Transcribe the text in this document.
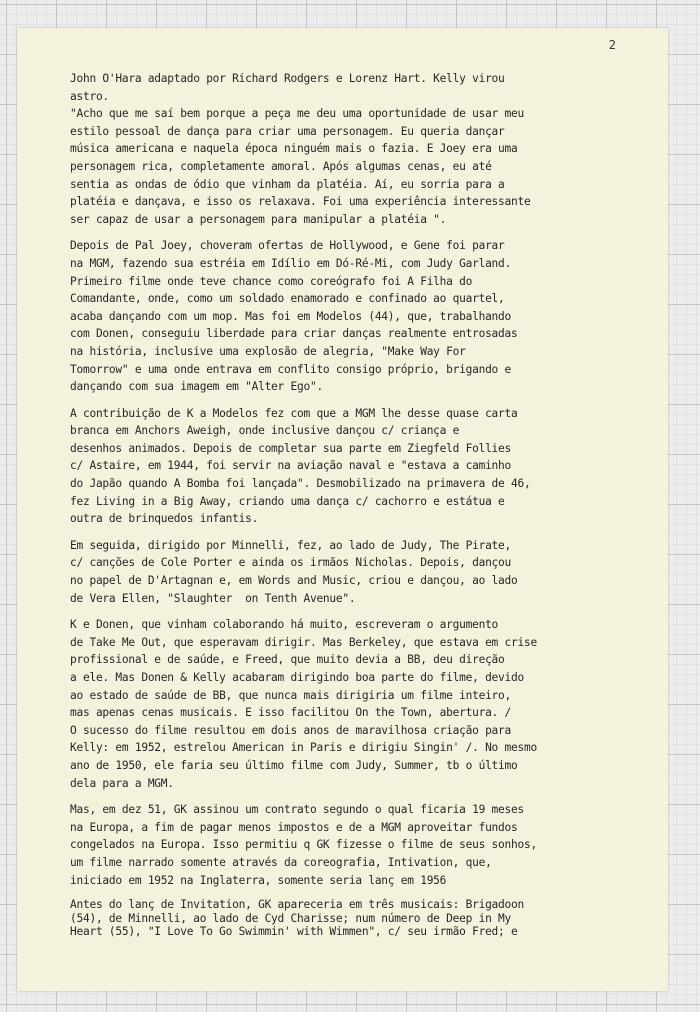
2
John O'Hara adaptado por Richard Rodgers e Lorenz Hart. Kelly virou
astro.
"Acho que me saí bem porque a peça me deu uma oportunidade de usar meu
estilo pessoal de dança para criar uma personagem. Eu queria dançar
música americana e naquela época ninguém mais o fazia. E Joey era uma
personagem rica, completamente amoral. Após algumas cenas, eu até
sentia as ondas de ódio que vinham da platéia. Aí, eu sorria para a
platéia e dançava, e isso os relaxava. Foi uma experiência interessante
ser capaz de usar a personagem para manipular a platéia ".
Depois de Pal Joey, choveram ofertas de Hollywood, e Gene foi parar
na MGM, fazendo sua estréia em Idílio em Dó-Ré-Mi, com Judy Garland.
Primeiro filme onde teve chance como coreógrafo foi A Filha do
Comandante, onde, como um soldado enamorado e confinado ao quartel,
acaba dançando com um mop. Mas foi em Modelos (44), que, trabalhando
com Donen, conseguiu liberdade para criar danças realmente entrosadas
na história, inclusive uma explosão de alegria, "Make Way For
Tomorrow" e uma onde entrava em conflito consigo próprio, brigando e
dançando com sua imagem em "Alter Ego".
A contribuição de K a Modelos fez com que a MGM lhe desse quase carta
branca em Anchors Aweigh, onde inclusive dançou c/ criança e
desenhos animados. Depois de completar sua parte em Ziegfeld Follies
c/ Astaire, em 1944, foi servir na aviação naval e "estava a caminho
do Japão quando A Bomba foi lançada". Desmobilizado na primavera de 46,
fez Living in a Big Away, criando uma dança c/ cachorro e estátua e
outra de brinquedos infantis.
Em seguida, dirigido por Minnelli, fez, ao lado de Judy, The Pirate,
c/ canções de Cole Porter e ainda os irmãos Nicholas. Depois, dançou
no papel de D'Artagnan e, em Words and Music, criou e dançou, ao lado
de Vera Ellen, "Slaughter  on Tenth Avenue".
K e Donen, que vinham colaborando há muito, escreveram o argumento
de Take Me Out, que esperavam dirigir. Mas Berkeley, que estava em crise
profissional e de saúde, e Freed, que muito devia a BB, deu direção
a ele. Mas Donen & Kelly acabaram dirigindo boa parte do filme, devido
ao estado de saúde de BB, que nunca mais dirigiria um filme inteiro,
mas apenas cenas musicais. E isso facilitou On the Town, abertura. /
O sucesso do filme resultou em dois anos de maravilhosa criação para
Kelly: em 1952, estrelou American in Paris e dirigiu Singin' /. No mesmo
ano de 1950, ele faria seu último filme com Judy, Summer, tb o último
dela para a MGM.
Mas, em dez 51, GK assinou um contrato segundo o qual ficaria 19 meses
na Europa, a fim de pagar menos impostos e de a MGM aproveitar fundos
congelados na Europa. Isso permitiu q GK fizesse o filme de seus sonhos,
um filme narrado somente através da coreografia, Intivation, que,
iniciado em 1952 na Inglaterra, somente seria lanç em 1956
Antes do lanç de Invitation, GK apareceria em três musicais: Brigadoon
(54), de Minnelli, ao lado de Cyd Charisse; num número de Deep in My
Heart (55), "I Love To Go Swimmin' with Wimmen", c/ seu irmão Fred; e
